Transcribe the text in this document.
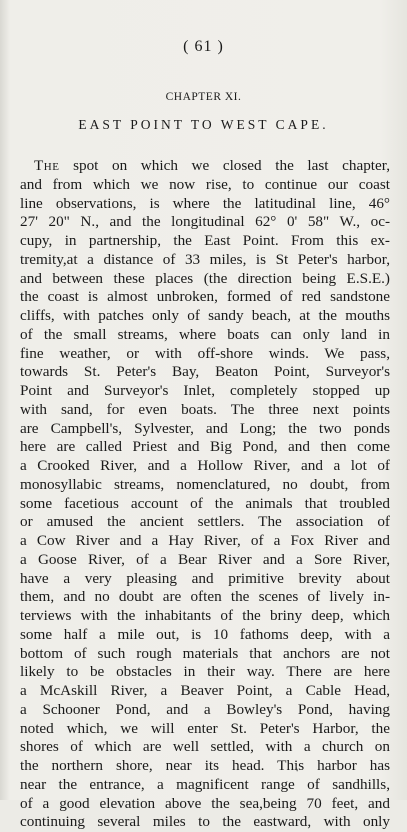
( 61 )
CHAPTER XI.
EAST POINT TO WEST CAPE.
The spot on which we closed the last chapter,
and from which we now rise, to continue our coast
line observations, is where the latitudinal line, 46°
27' 20" N., and the longitudinal 62° 0' 58" W., oc-
cupy, in partnership, the East Point. From this ex-
tremity,at a distance of 33 miles, is St Peter's harbor,
and between these places (the direction being E.S.E.)
the coast is almost unbroken, formed of red sandstone
cliffs, with patches only of sandy beach, at the mouths
of the small streams, where boats can only land in
fine weather, or with off-shore winds. We pass,
towards St. Peter's Bay, Beaton Point, Surveyor's
Point and Surveyor's Inlet, completely stopped up
with sand, for even boats. The three next points
are Campbell's, Sylvester, and Long; the two ponds
here are called Priest and Big Pond, and then come
a Crooked River, and a Hollow River, and a lot of
monosyllabic streams, nomenclatured, no doubt, from
some facetious account of the animals that troubled
or amused the ancient settlers. The association of
a Cow River and a Hay River, of a Fox River and
a Goose River, of a Bear River and a Sore River,
have a very pleasing and primitive brevity about
them, and no doubt are often the scenes of lively in-
terviews with the inhabitants of the briny deep, which
some half a mile out, is 10 fathoms deep, with a
bottom of such rough materials that anchors are not
likely to be obstacles in their way. There are here
a McAskill River, a Beaver Point, a Cable Head,
a Schooner Pond, and a Bowley's Pond, having
noted which, we will enter St. Peter's Harbor, the
shores of which are well settled, with a church on
the northern shore, near its head. This harbor has
near the entrance, a magnificent range of sandhills,
of a good elevation above the sea,being 70 feet, and
continuing several miles to the eastward, with only
